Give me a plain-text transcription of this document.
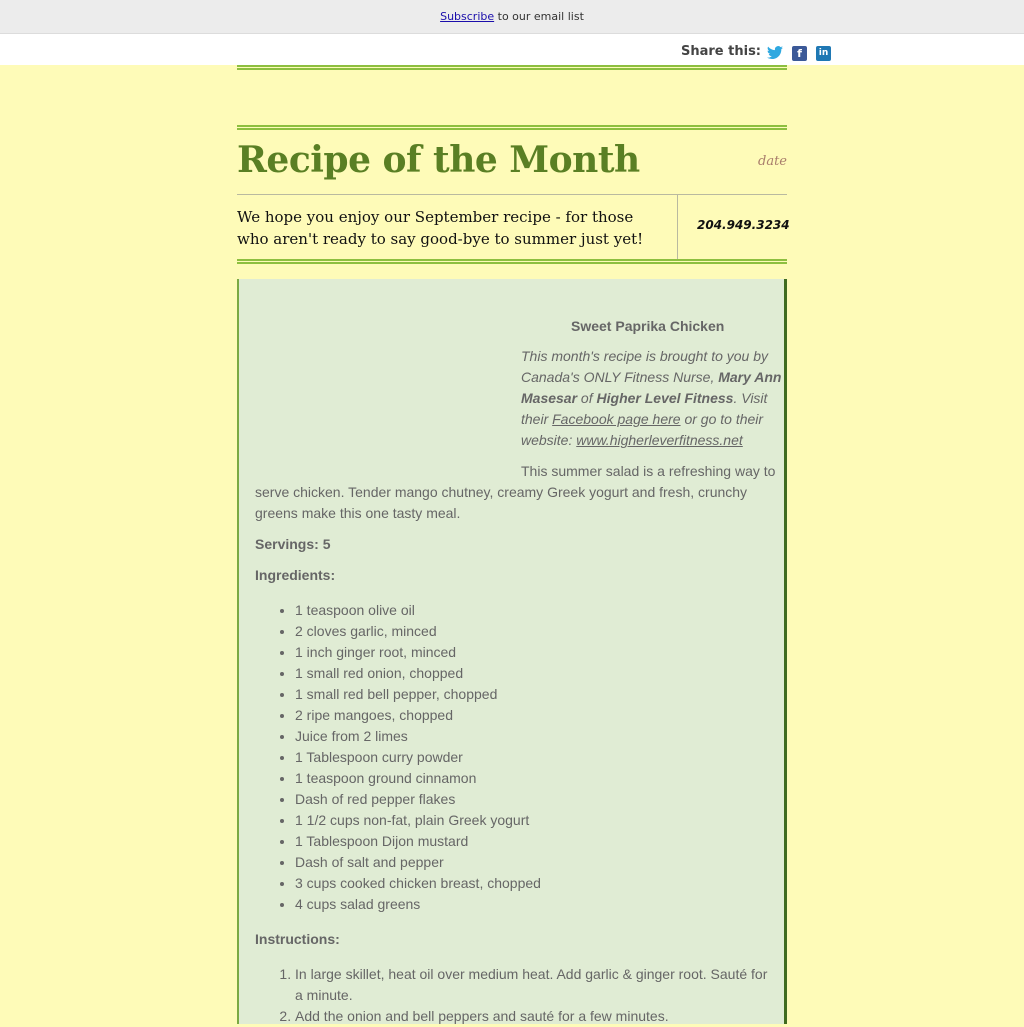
Subscribe to our email list
Share this:	f	in
Recipe of the Month	date
We hope you enjoy our September recipe - for those who aren't ready to say good-bye to summer just yet!
204.949.3234
Sweet Paprika Chicken
This month's recipe is brought to you by Canada's ONLY Fitness Nurse, Mary Ann Masesar of Higher Level Fitness. Visit their Facebook page here or go to their website: www.higherleverfitness.net
This summer salad is a refreshing way to serve chicken. Tender mango chutney, creamy Greek yogurt and fresh, crunchy greens make this one tasty meal.
Servings: 5
Ingredients:
• 1 teaspoon olive oil
• 2 cloves garlic, minced
• 1 inch ginger root, minced
• 1 small red onion, chopped
• 1 small red bell pepper, chopped
• 2 ripe mangoes, chopped
• Juice from 2 limes
• 1 Tablespoon curry powder
• 1 teaspoon ground cinnamon
• Dash of red pepper flakes
• 1 1/2 cups non-fat, plain Greek yogurt
• 1 Tablespoon Dijon mustard
• Dash of salt and pepper
• 3 cups cooked chicken breast, chopped
• 4 cups salad greens
Instructions:
1. In large skillet, heat oil over medium heat. Add garlic & ginger root. Sauté for a minute.
2. Add the onion and bell peppers and sauté for a few minutes.
